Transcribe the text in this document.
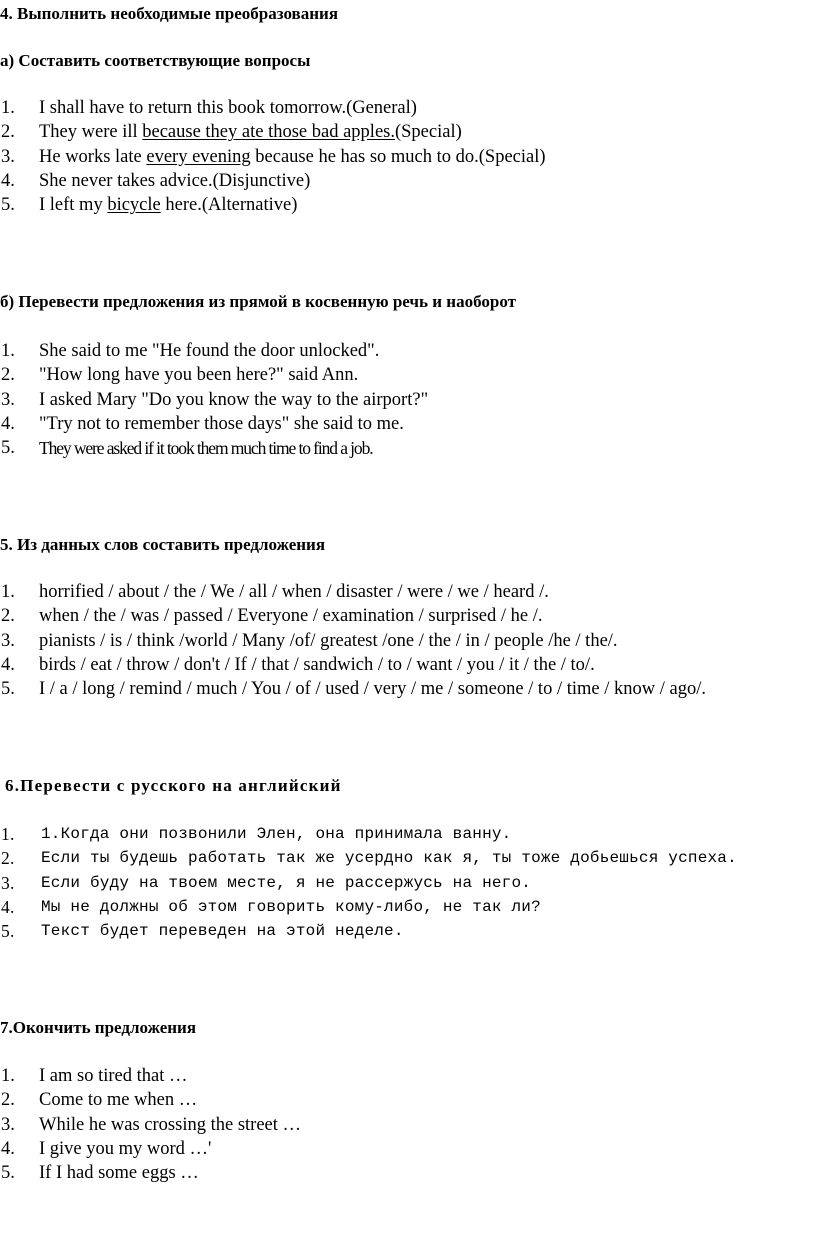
4. Выполнить необходимые преобразования
а) Составить соответствующие вопросы
1. I shall have to return this book tomorrow.(General)
2. They were ill because they ate those bad apples.(Special)
3. He works late every evening because he has so much to do.(Special)
4. She never takes advice.(Disjunctive)
5. I left my bicycle here.(Alternative)
б) Перевести предложения из прямой в косвенную речь и наоборот
1. She said to me "He found the door unlocked".
2. "How long have you been here?" said Ann.
3. I asked Mary "Do you know the way to the airport?"
4. "Try not to remember those days" she said to me.
5. They were asked if it took them much time to find a job.
5. Из данных слов составить предложения
1. horrified / about / the / We / all / when / disaster / were / we / heard /.
2. when / the / was / passed / Everyone / examination / surprised / he /.
3. pianists / is / think /world / Many /of/ greatest /one / the / in / people /he / the/.
4. birds / eat / throw / don't / If / that / sandwich / to / want / you / it / the / to/.
5. I / a / long / remind / much / You / of / used / very / me / someone / to / time / know / ago/.
6.Перевести с русского на английский
1. 1.Когда они позвонили Элен, она принимала ванну.
2. Если ты будешь работать так же усердно как я, ты тоже добьешься успеха.
3. Если буду на твоем месте, я не рассержусь на него.
4. Мы не должны об этом говорить кому-либо, не так ли?
5. Текст будет переведен на этой неделе.
7.Окончить предложения
1. I am so tired that …
2. Come to me when …
3. While he was crossing the street …
4. I give you my word …'
5. If I had some eggs …
